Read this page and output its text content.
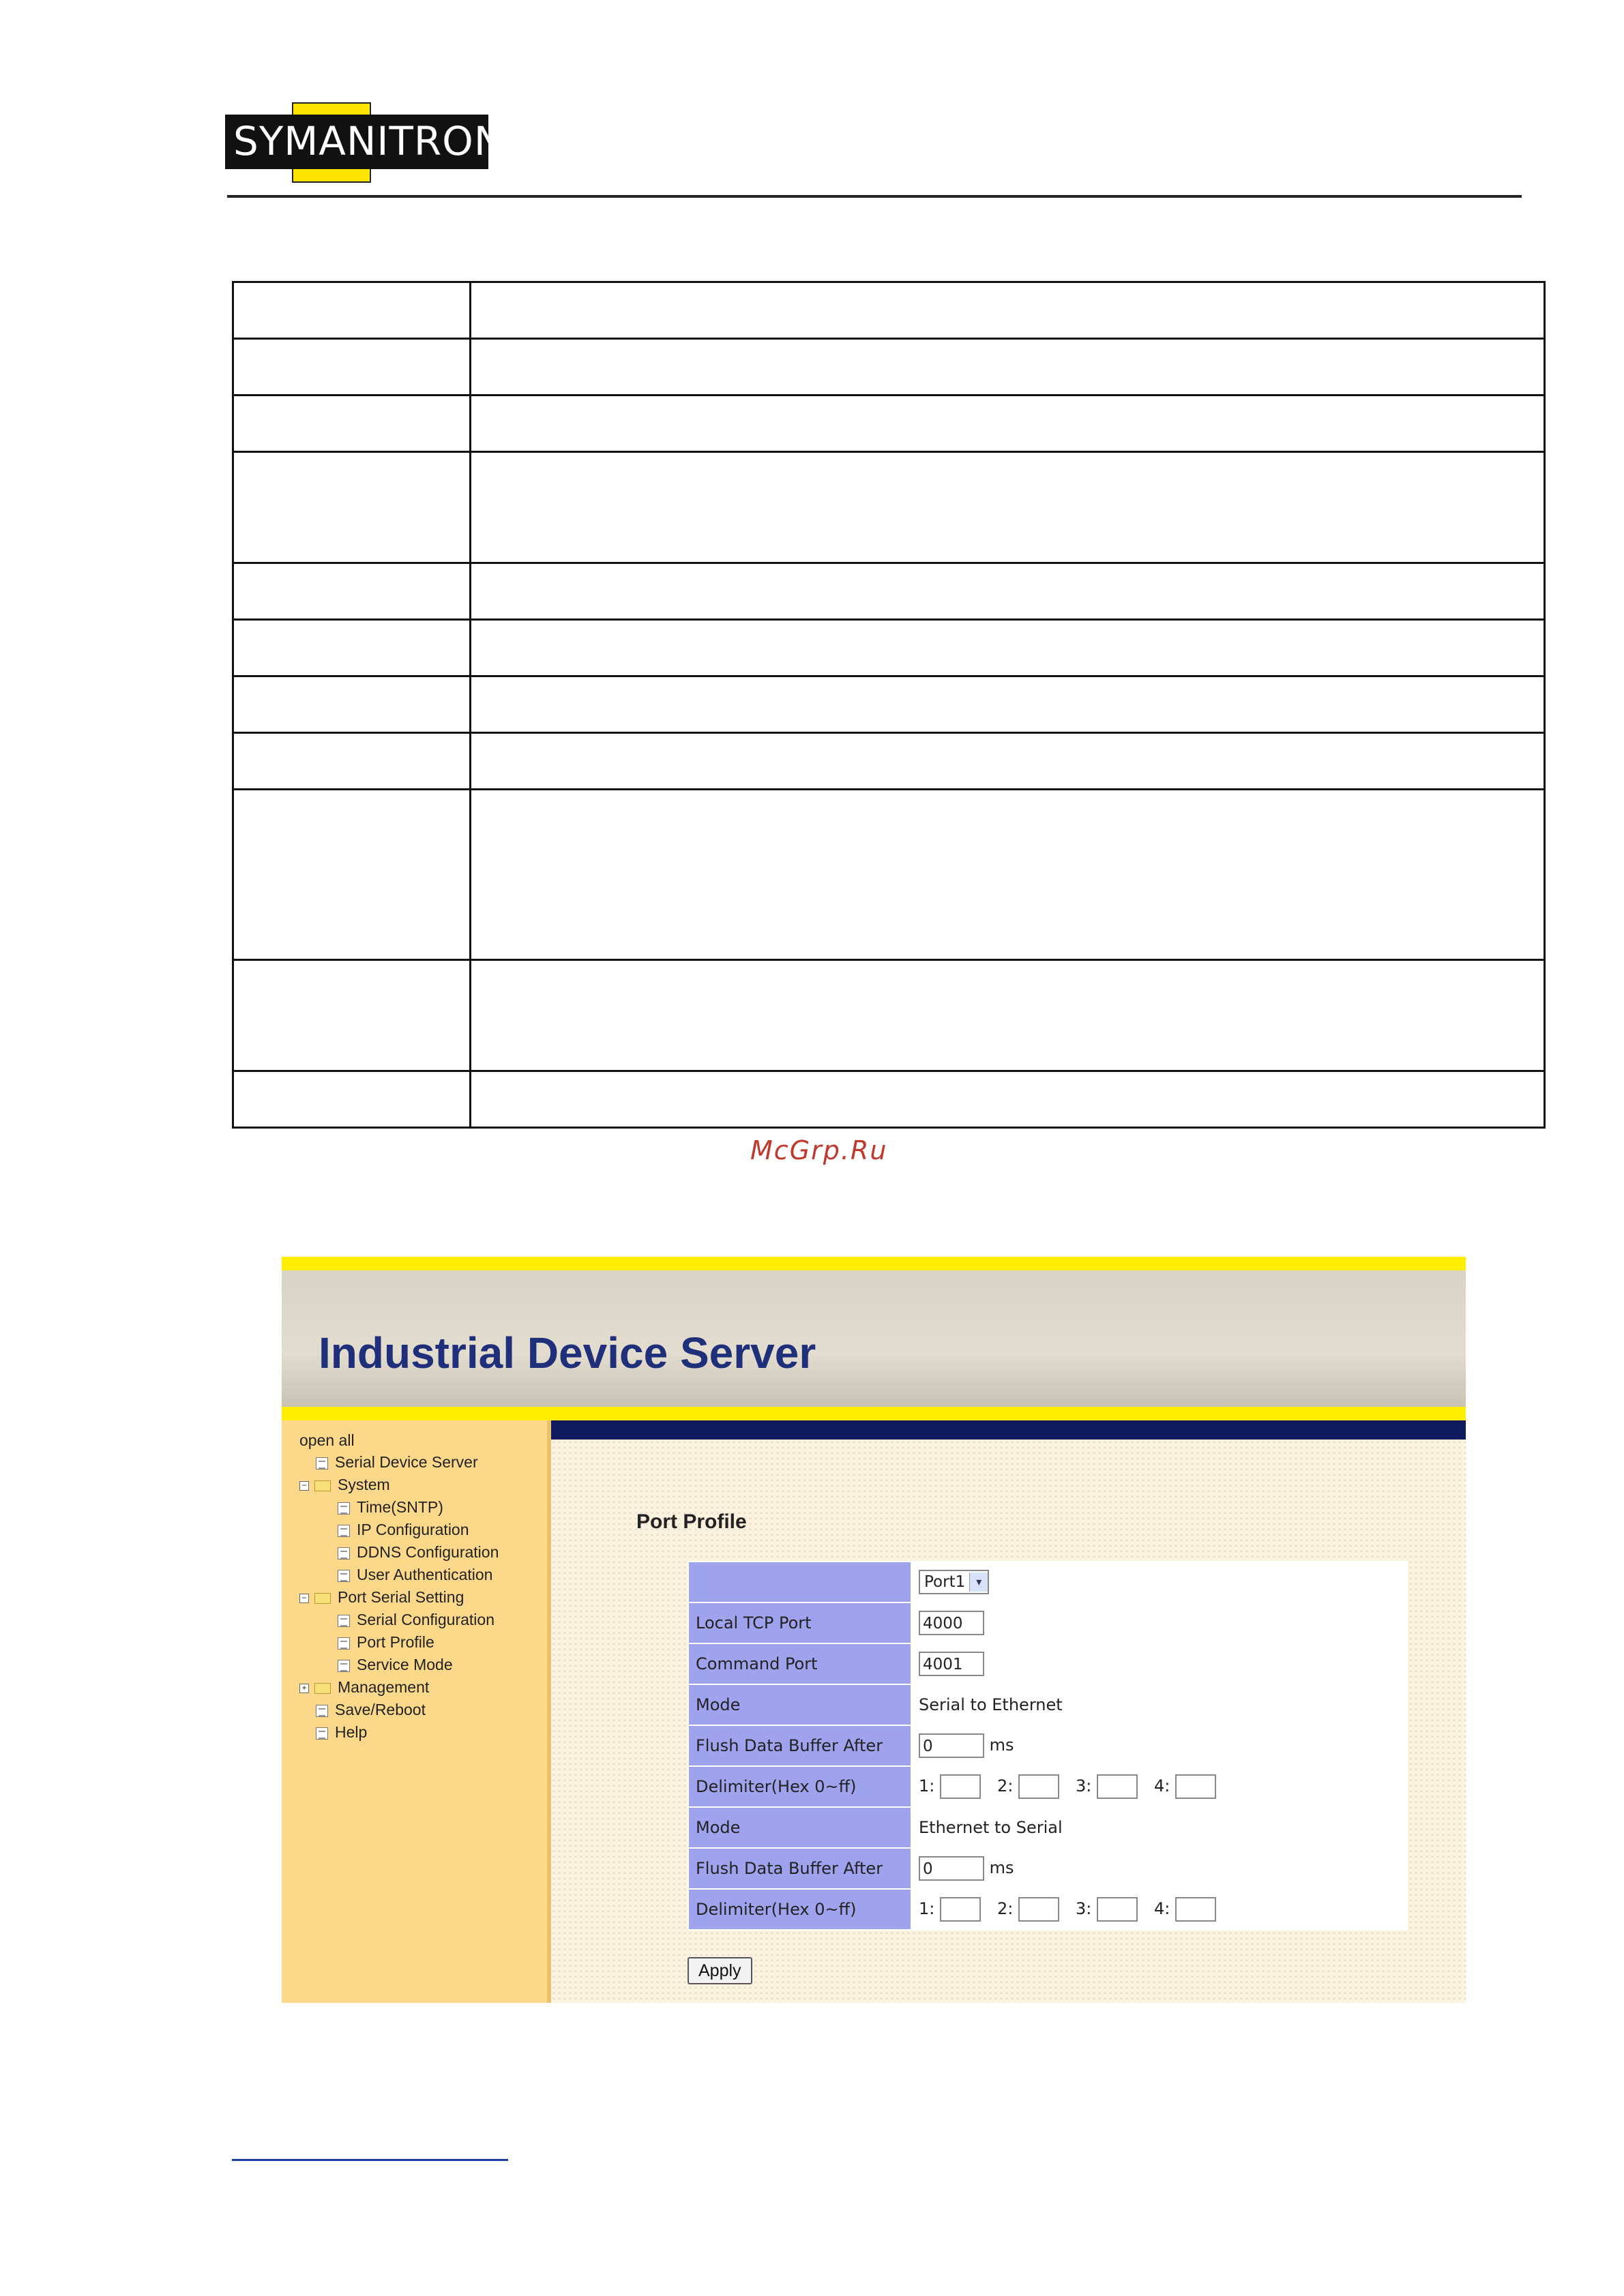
SYMANITRON

McGrp.Ru
Industrial Device Server
open all
Serial Device Server
− System
Time(SNTP)
IP Configuration
DDNS Configuration
User Authentication
− Port Serial Setting
Serial Configuration
Port Profile
Service Mode
+ Management
Save/Reboot
Help
Port Profile
	Port1 ▾
Local TCP Port	4000
Command Port	4001
Mode	Serial to Ethernet
Flush Data Buffer After	0 ms
Delimiter(Hex 0~ff)	1: 2: 3: 4:
Mode	Ethernet to Serial
Flush Data Buffer After	0 ms
Delimiter(Hex 0~ff)	1: 2: 3: 4:
Apply
